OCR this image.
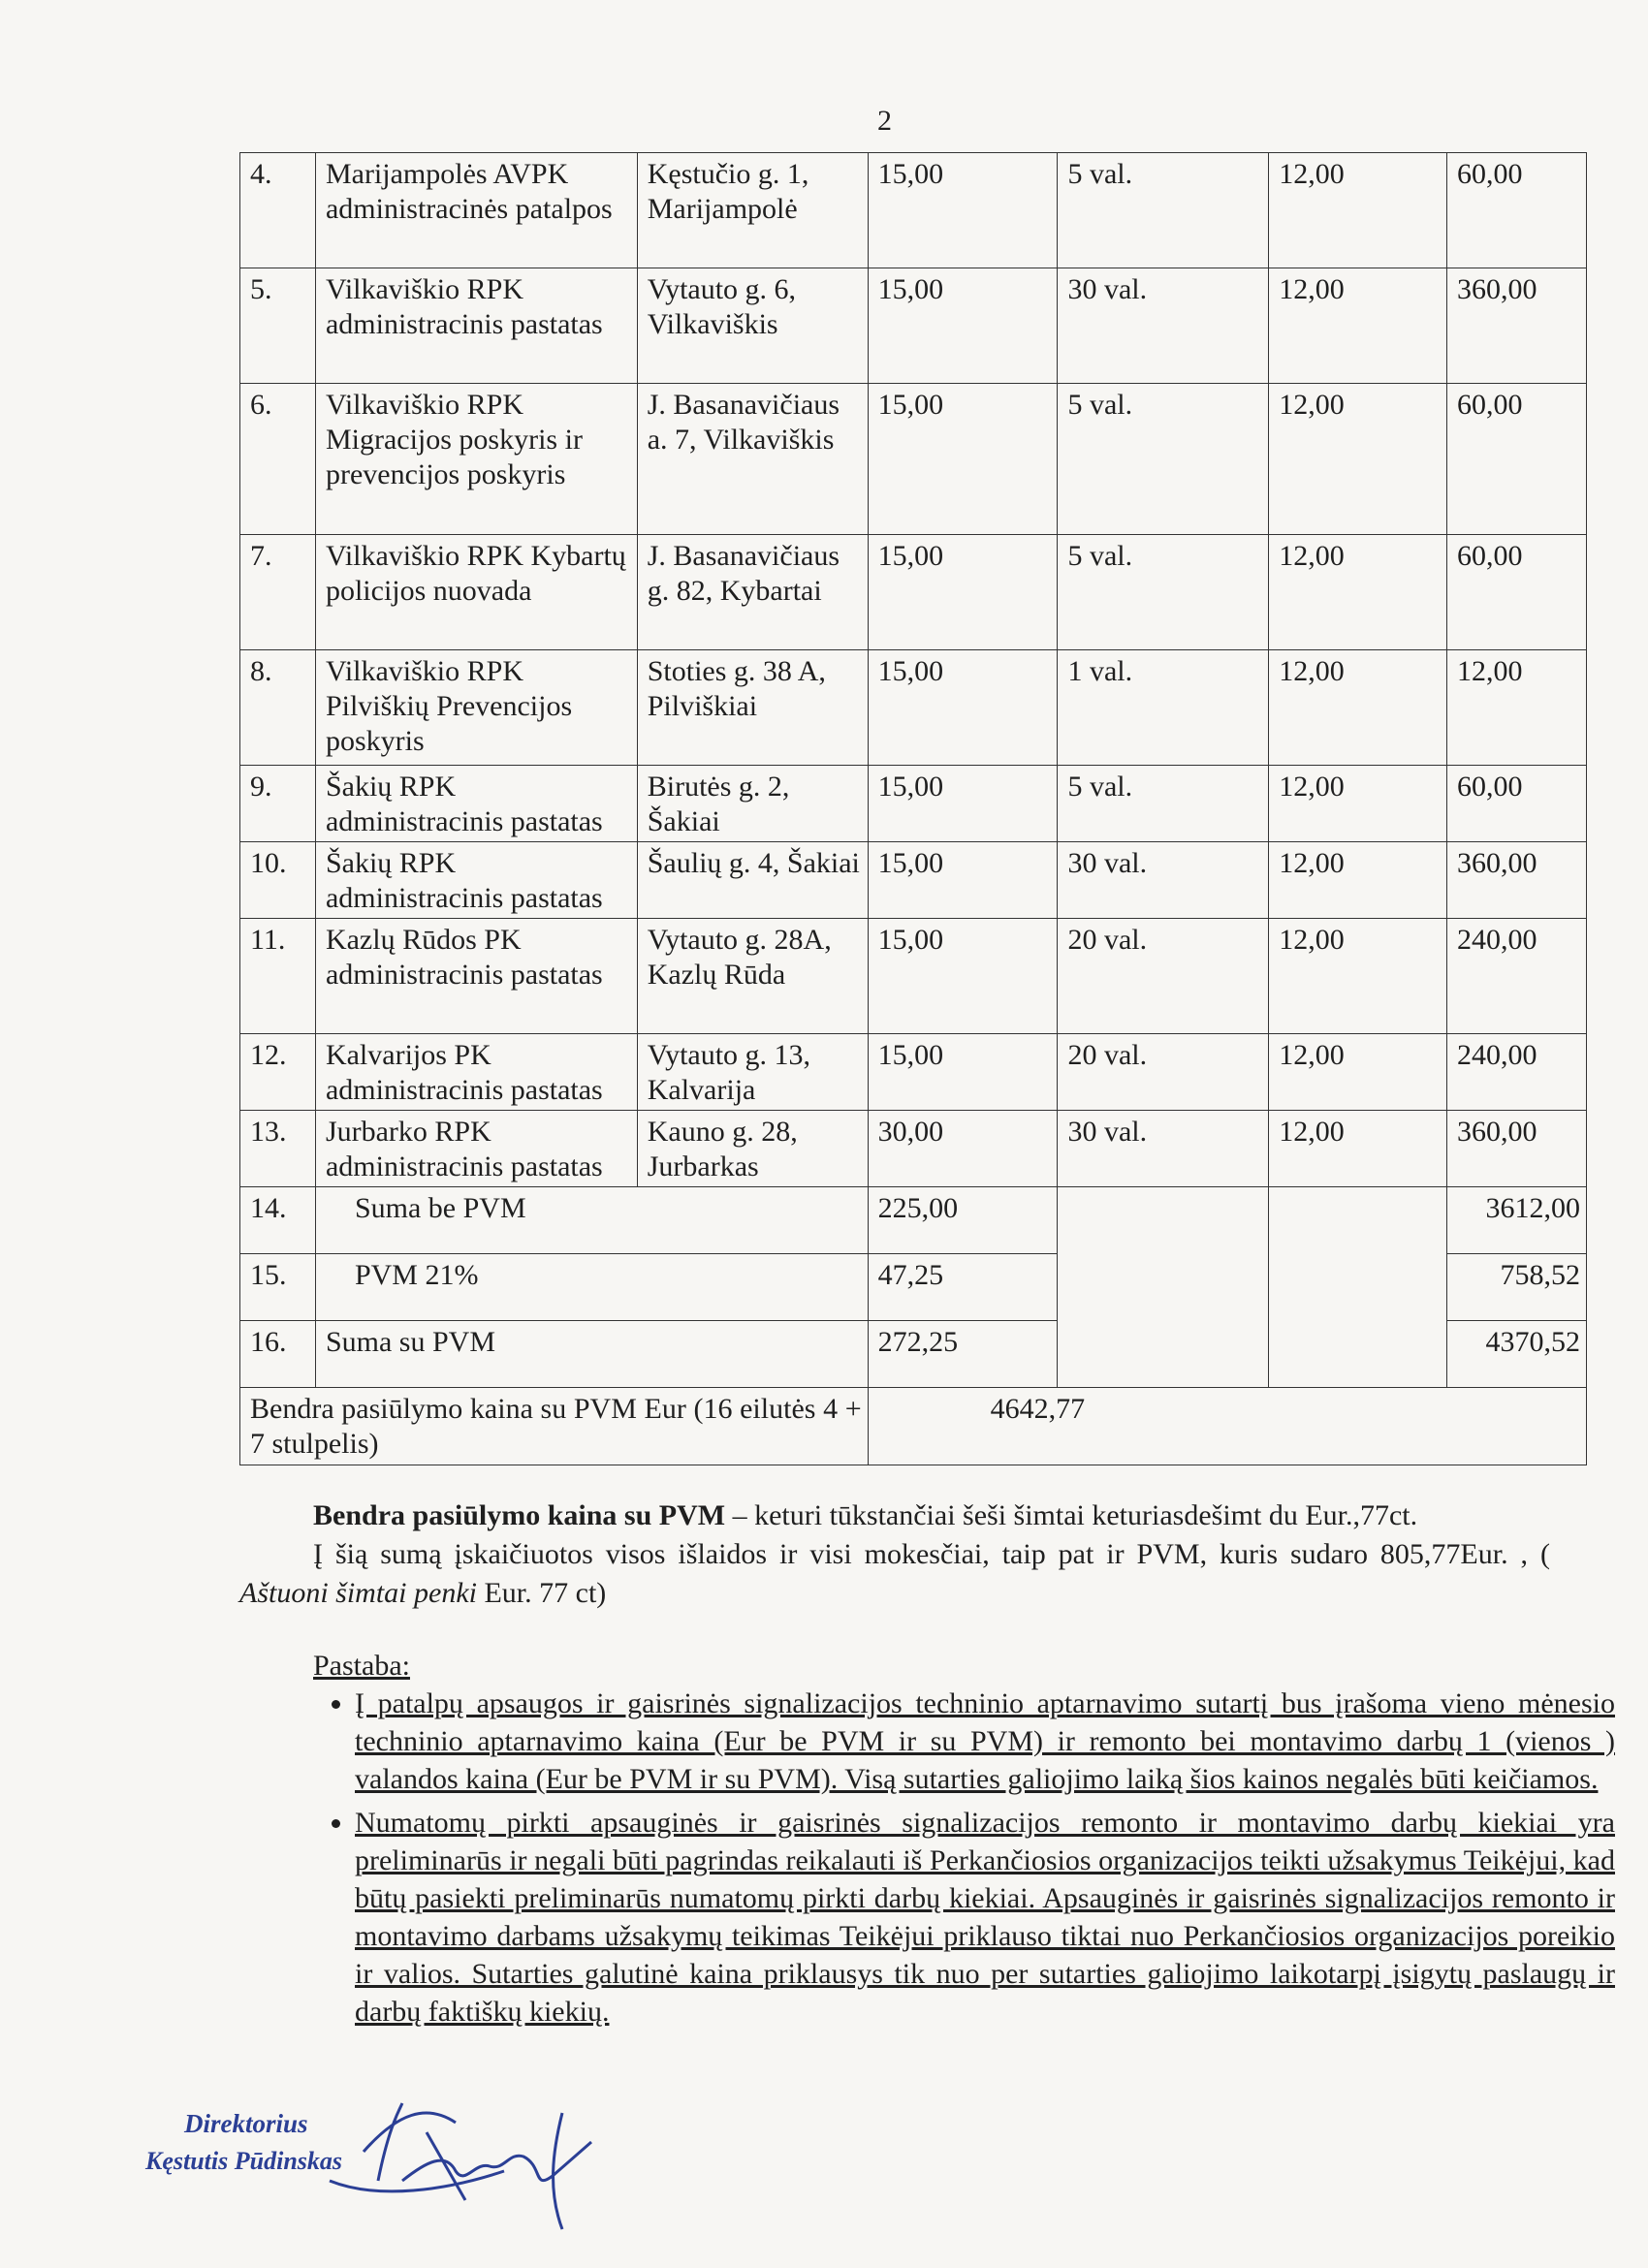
2
4.	Marijampolės AVPK administracinės patalpos	Kęstučio g. 1, Marijampolė	15,00	5 val.	12,00	60,00
5.	Vilkaviškio RPK administracinis pastatas	Vytauto g. 6, Vilkaviškis	15,00	30 val.	12,00	360,00
6.	Vilkaviškio RPK Migracijos poskyris ir prevencijos poskyris	J. Basanavičiaus a. 7, Vilkaviškis	15,00	5 val.	12,00	60,00
7.	Vilkaviškio RPK Kybartų policijos nuovada	J. Basanavičiaus g. 82, Kybartai	15,00	5 val.	12,00	60,00
8.	Vilkaviškio RPK Pilviškių Prevencijos poskyris	Stoties g. 38 A, Pilviškiai	15,00	1 val.	12,00	12,00
9.	Šakių RPK administracinis pastatas	Birutės g. 2, Šakiai	15,00	5 val.	12,00	60,00
10.	Šakių RPK administracinis pastatas	Šaulių g. 4, Šakiai	15,00	30 val.	12,00	360,00
11.	Kazlų Rūdos PK administracinis pastatas	Vytauto g. 28A, Kazlų Rūda	15,00	20 val.	12,00	240,00
12.	Kalvarijos PK administracinis pastatas	Vytauto g. 13, Kalvarija	15,00	20 val.	12,00	240,00
13.	Jurbarko RPK administracinis pastatas	Kauno g. 28, Jurbarkas	30,00	30 val.	12,00	360,00
14.	Suma be PVM		225,00			3612,00
15.	PVM 21%		47,25			758,52
16.	Suma su PVM		272,25			4370,52
Bendra pasiūlymo kaina su PVM Eur (16 eilutės 4 + 7 stulpelis)			4642,77			
Bendra pasiūlymo kaina su PVM – keturi tūkstančiai šeši šimtai keturiasdešimt du Eur.,77ct.
Į šią sumą įskaičiuotos visos išlaidos ir visi mokesčiai, taip pat ir PVM, kuris sudaro 805,77Eur. , ( Aštuoni šimtai penki Eur. 77 ct)
Pastaba:
• Į patalpų apsaugos ir gaisrinės signalizacijos techninio aptarnavimo sutartį bus įrašoma vieno mėnesio techninio aptarnavimo kaina (Eur be PVM ir su PVM) ir remonto bei montavimo darbų 1 (vienos ) valandos kaina (Eur be PVM ir su PVM). Visą sutarties galiojimo laiką šios kainos negalės būti keičiamos.
• Numatomų pirkti apsauginės ir gaisrinės signalizacijos remonto ir montavimo darbų kiekiai yra preliminarūs ir negali būti pagrindas reikalauti iš Perkančiosios organizacijos teikti užsakymus Teikėjui, kad būtų pasiekti preliminarūs numatomų pirkti darbų kiekiai. Apsauginės ir gaisrinės signalizacijos remonto ir montavimo darbams užsakymų teikimas Teikėjui priklauso tiktai nuo Perkančiosios organizacijos poreikio ir valios. Sutarties galutinė kaina priklausys tik nuo per sutarties galiojimo laikotarpį įsigytų paslaugų ir darbų faktiškų kiekių.
Direktorius
Kęstutis Pūdinskas
